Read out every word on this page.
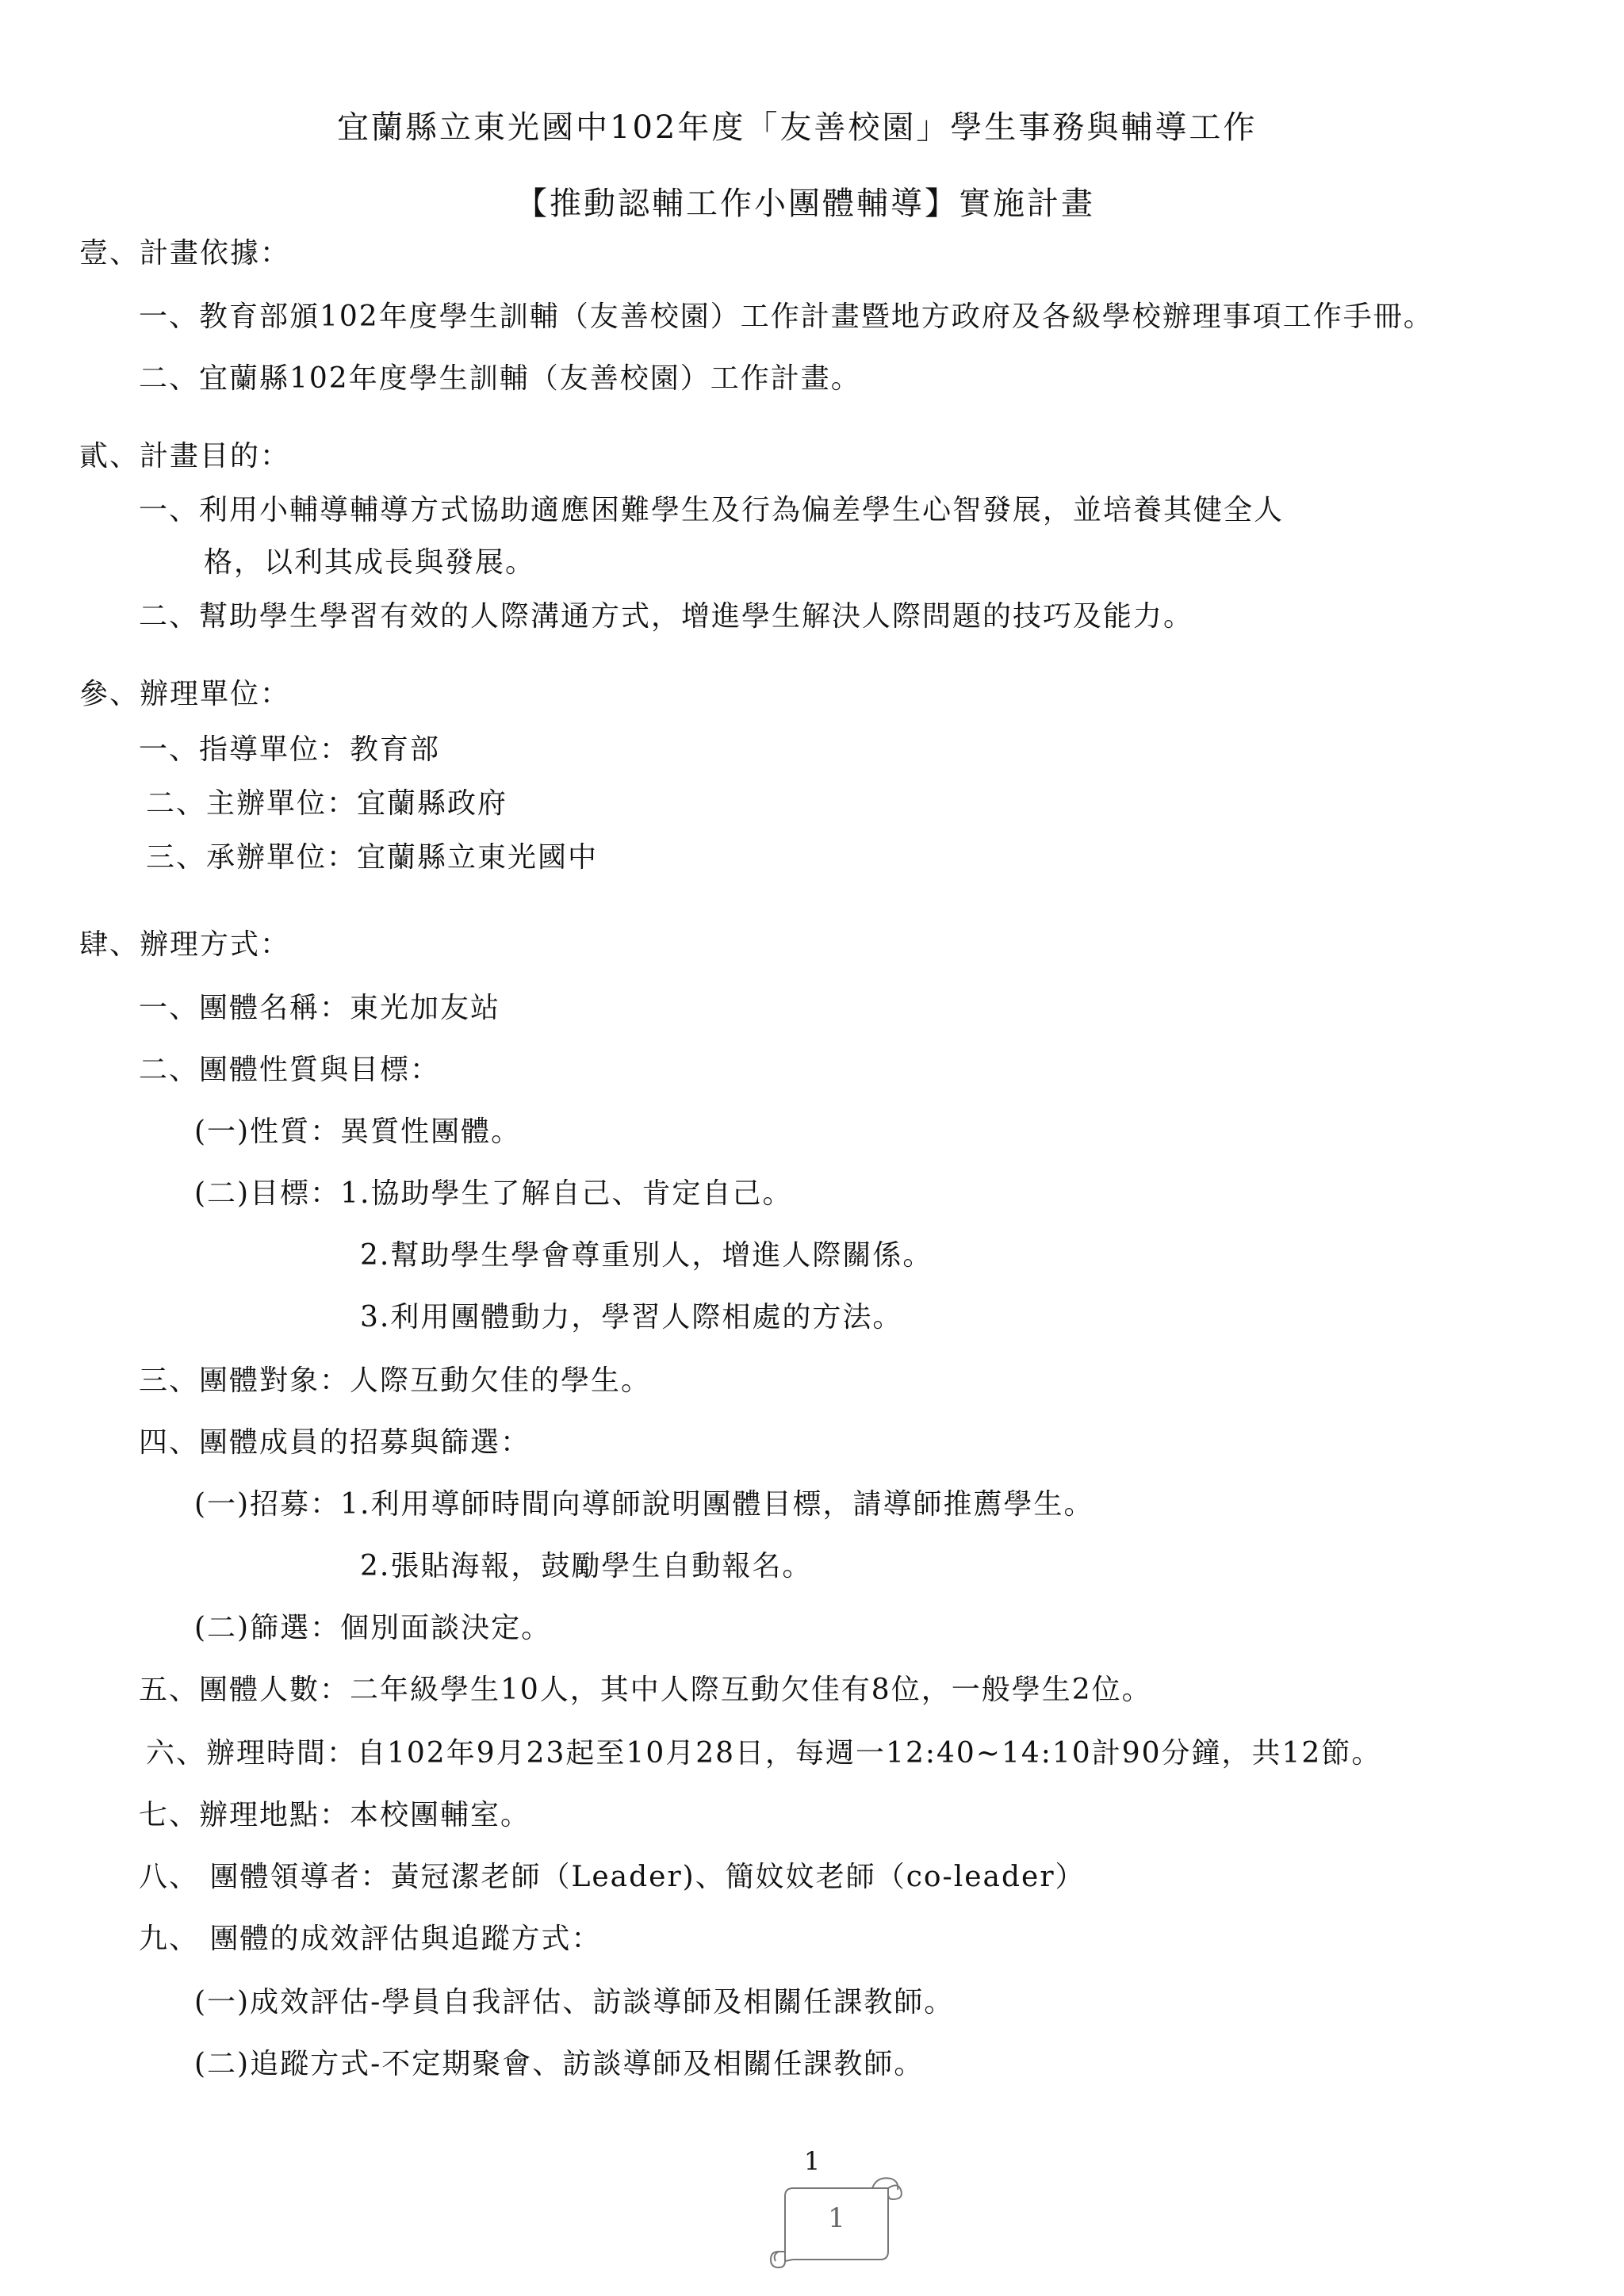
宜蘭縣立東光國中102年度「友善校園」學生事務與輔導工作
【推動認輔工作小團體輔導】實施計畫
壹、計畫依據：
一、教育部頒102年度學生訓輔（友善校園）工作計畫暨地方政府及各級學校辦理事項工作手冊。
二、宜蘭縣102年度學生訓輔（友善校園）工作計畫。
貳、計畫目的：
一、利用小輔導輔導方式協助適應困難學生及行為偏差學生心智發展，並培養其健全人
格，以利其成長與發展。
二、幫助學生學習有效的人際溝通方式，增進學生解決人際問題的技巧及能力。
參、辦理單位：
一、指導單位：教育部
二、主辦單位：宜蘭縣政府
三、承辦單位：宜蘭縣立東光國中
肆、辦理方式：
一、團體名稱：東光加友站
二、團體性質與目標：
(一)性質：異質性團體。
(二)目標：1.協助學生了解自己、肯定自己。
2.幫助學生學會尊重別人，增進人際關係。
3.利用團體動力，學習人際相處的方法。
三、團體對象：人際互動欠佳的學生。
四、團體成員的招募與篩選：
(一)招募：1.利用導師時間向導師說明團體目標，請導師推薦學生。
2.張貼海報，鼓勵學生自動報名。
(二)篩選：個別面談決定。
五、團體人數：二年級學生10人，其中人際互動欠佳有8位，一般學生2位。
六、辦理時間：自102年9月23起至10月28日，每週一12:40~14:10計90分鐘，共12節。
七、辦理地點：本校團輔室。
八、 團體領導者：黃冠潔老師（Leader)、簡妏妏老師（co-leader）
九、 團體的成效評估與追蹤方式：
(一)成效評估-學員自我評估、訪談導師及相關任課教師。
(二)追蹤方式-不定期聚會、訪談導師及相關任課教師。
1
1
